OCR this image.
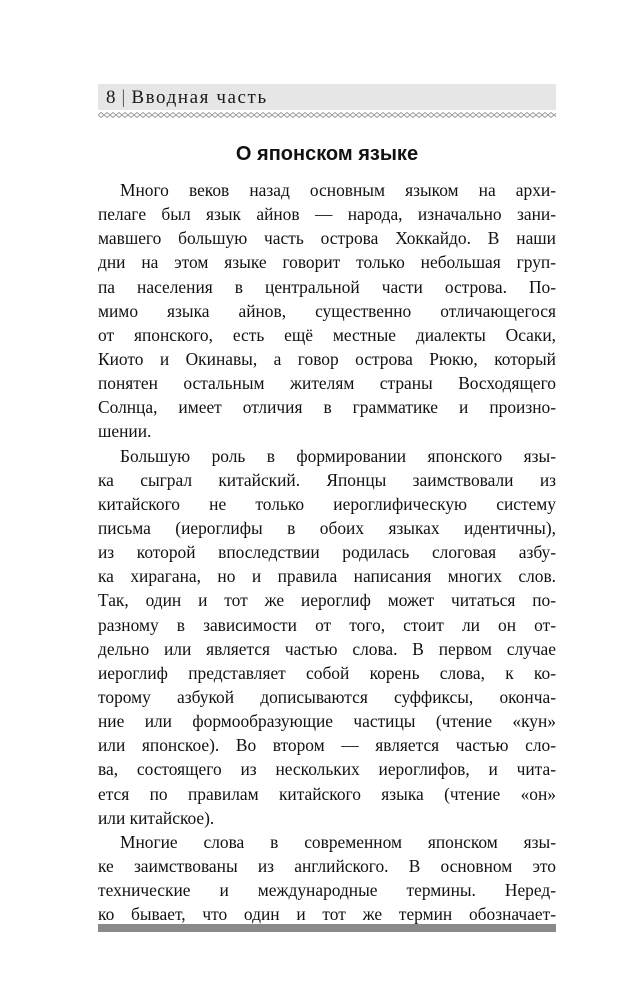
8 | Вводная часть
О японском языке
Много веков назад основным языком на архи-
пелаге был язык айнов — народа, изначально зани-
мавшего большую часть острова Хоккайдо. В наши
дни на этом языке говорит только небольшая груп-
па населения в центральной части острова. По-
мимо языка айнов, существенно отличающегося
от японского, есть ещё местные диалекты Осаки,
Киото и Окинавы, а говор острова Рюкю, который
понятен остальным жителям страны Восходящего
Солнца, имеет отличия в грамматике и произно-
шении.
Большую роль в формировании японского язы-
ка сыграл китайский. Японцы заимствовали из
китайского не только иероглифическую систему
письма (иероглифы в обоих языках идентичны),
из которой впоследствии родилась слоговая азбу-
ка хирагана, но и правила написания многих слов.
Так, один и тот же иероглиф может читаться по-
разному в зависимости от того, стоит ли он от-
дельно или является частью слова. В первом случае
иероглиф представляет собой корень слова, к ко-
торому азбукой дописываются суффиксы, оконча-
ние или формообразующие частицы (чтение «кун»
или японское). Во втором — является частью сло-
ва, состоящего из нескольких иероглифов, и чита-
ется по правилам китайского языка (чтение «он»
или китайское).
Многие слова в современном японском язы-
ке заимствованы из английского. В основном это
технические и международные термины. Неред-
ко бывает, что один и тот же термин обозначает-
